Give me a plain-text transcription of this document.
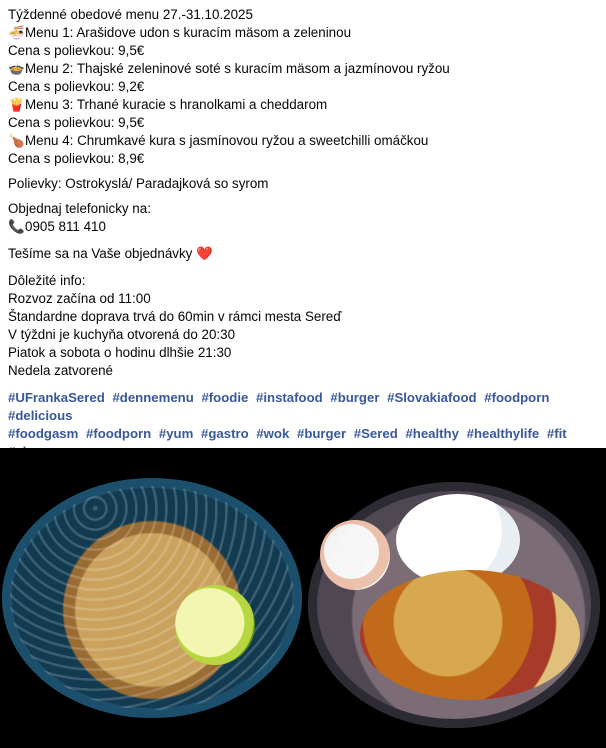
Týždenné obedové menu 27.-31.10.2025
🍜Menu 1: Arašidove udon s kuracím mäsom a zeleninou
Cena s polievkou: 9,5€
🍲Menu 2: Thajské zeleninové soté s kuracím mäsom a jazmínovou ryžou
Cena s polievkou: 9,2€
🍟Menu 3: Trhané kuracie s hranolkami a cheddarom
Cena s polievkou: 9,5€
🍗Menu 4: Chrumkavé kura s jasmínovou ryžou a sweetchilli omáčkou
Cena s polievkou: 8,9€
Polievky: Ostrokyslá/ Paradajková so syrom
Objednaj telefonicky na:
📞0905 811 410
Tešíme sa na Vaše objednávky ❤️
Dôležité info:
Rozvoz začína od 11:00
Štandardne doprava trvá do 60min v rámci mesta Sereď
V týždni je kuchyňa otvorená do 20:30
Piatok a sobota o hodinu dlhšie 21:30
Nedela zatvorené
#UFrankaSered #dennemenu #foodie #instafood #burger #Slovakiafood #foodporn #delicious
#foodgasm #foodporn #yum #gastro #wok #burger #Sered #healthy #healthylife #fit
